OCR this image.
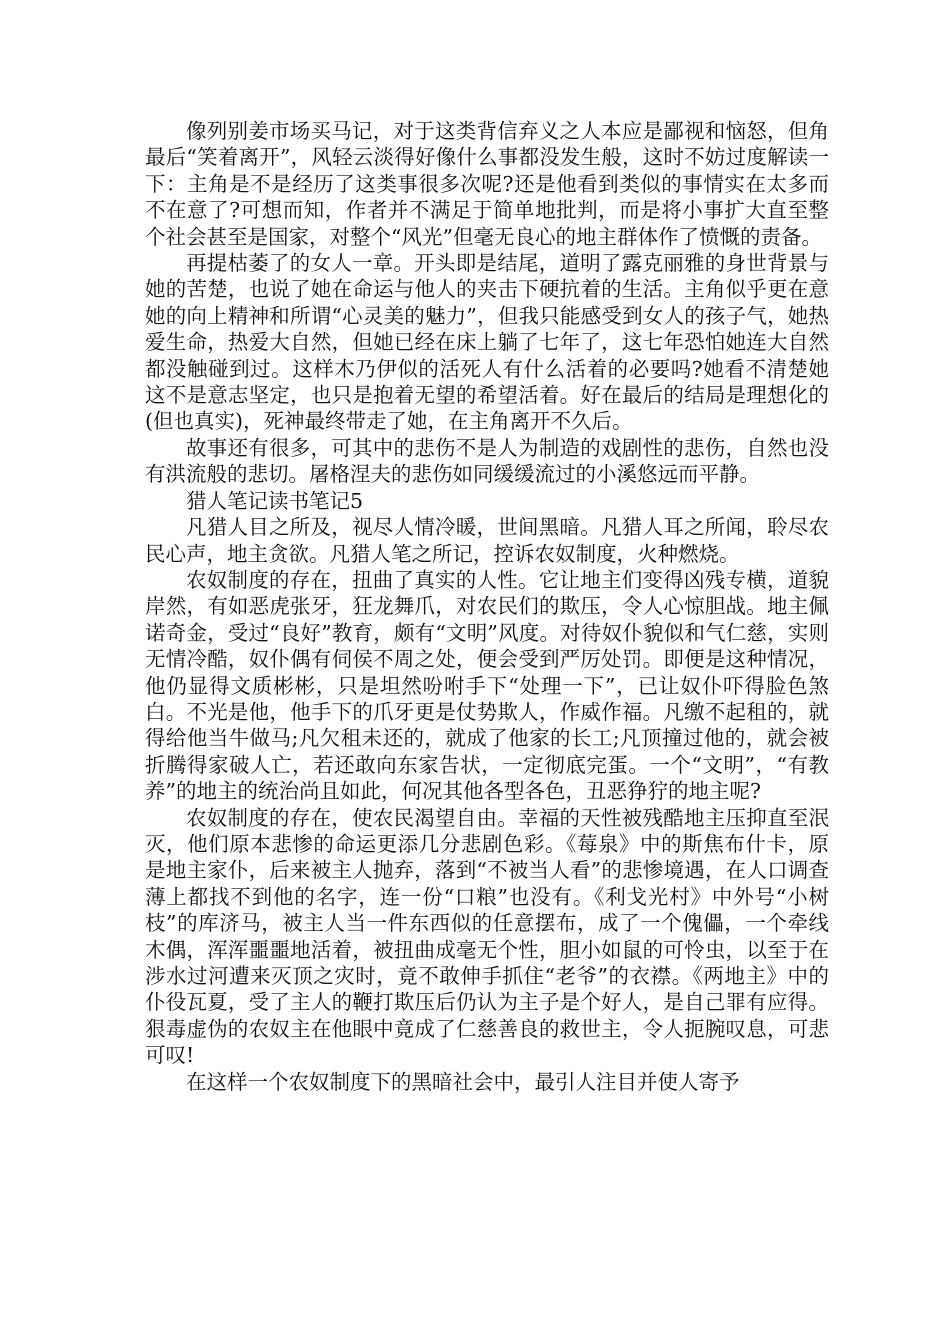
像列别姜市场买马记，对于这类背信弃义之人本应是鄙视和恼怒，但角最后“笑着离开”，风轻云淡得好像什么事都没发生般，这时不妨过度解读一下：主角是不是经历了这类事很多次呢?还是他看到类似的事情实在太多而不在意了?可想而知，作者并不满足于简单地批判，而是将小事扩大直至整个社会甚至是国家，对整个“风光”但毫无良心的地主群体作了愤慨的责备。

再提枯萎了的女人一章。开头即是结尾，道明了露克丽雅的身世背景与她的苦楚，也说了她在命运与他人的夹击下硬抗着的生活。主角似乎更在意她的向上精神和所谓“心灵美的魅力”，但我只能感受到女人的孩子气，她热爱生命，热爱大自然，但她已经在床上躺了七年了，这七年恐怕她连大自然都没触碰到过。这样木乃伊似的活死人有什么活着的必要吗?她看不清楚她这不是意志坚定，也只是抱着无望的希望活着。好在最后的结局是理想化的(但也真实)，死神最终带走了她，在主角离开不久后。

故事还有很多，可其中的悲伤不是人为制造的戏剧性的悲伤，自然也没有洪流般的悲切。屠格涅夫的悲伤如同缓缓流过的小溪悠远而平静。

猎人笔记读书笔记5

凡猎人目之所及，视尽人情冷暖，世间黑暗。凡猎人耳之所闻，聆尽农民心声，地主贪欲。凡猎人笔之所记，控诉农奴制度，火种燃烧。

农奴制度的存在，扭曲了真实的人性。它让地主们变得凶残专横，道貌岸然，有如恶虎张牙，狂龙舞爪，对农民们的欺压，令人心惊胆战。地主佩诺奇金，受过“良好”教育，颇有“文明”风度。对待奴仆貌似和气仁慈，实则无情冷酷，奴仆偶有伺侯不周之处，便会受到严厉处罚。即便是这种情况，他仍显得文质彬彬，只是坦然吩咐手下“处理一下”，已让奴仆吓得脸色煞白。不光是他，他手下的爪牙更是仗势欺人，作威作福。凡缴不起租的，就得给他当牛做马;凡欠租未还的，就成了他家的长工;凡顶撞过他的，就会被折腾得家破人亡，若还敢向东家告状，一定彻底完蛋。一个“文明”，“有教养”的地主的统治尚且如此，何况其他各型各色，丑恶狰狞的地主呢?

农奴制度的存在，使农民渴望自由。幸福的天性被残酷地主压抑直至泯灭，他们原本悲惨的命运更添几分悲剧色彩。《莓泉》中的斯焦布什卡，原是地主家仆，后来被主人抛弃，落到“不被当人看”的悲惨境遇，在人口调查薄上都找不到他的名字，连一份“口粮”也没有。《利戈光村》中外号“小树枝”的库济马，被主人当一件东西似的任意摆布，成了一个傀儡，一个牵线木偶，浑浑噩噩地活着，被扭曲成毫无个性，胆小如鼠的可怜虫，以至于在涉水过河遭来灭顶之灾时，竟不敢伸手抓住“老爷”的衣襟。《两地主》中的仆役瓦夏，受了主人的鞭打欺压后仍认为主子是个好人，是自己罪有应得。狠毒虚伪的农奴主在他眼中竟成了仁慈善良的救世主，令人扼腕叹息，可悲可叹!

在这样一个农奴制度下的黑暗社会中，最引人注目并使人寄予
